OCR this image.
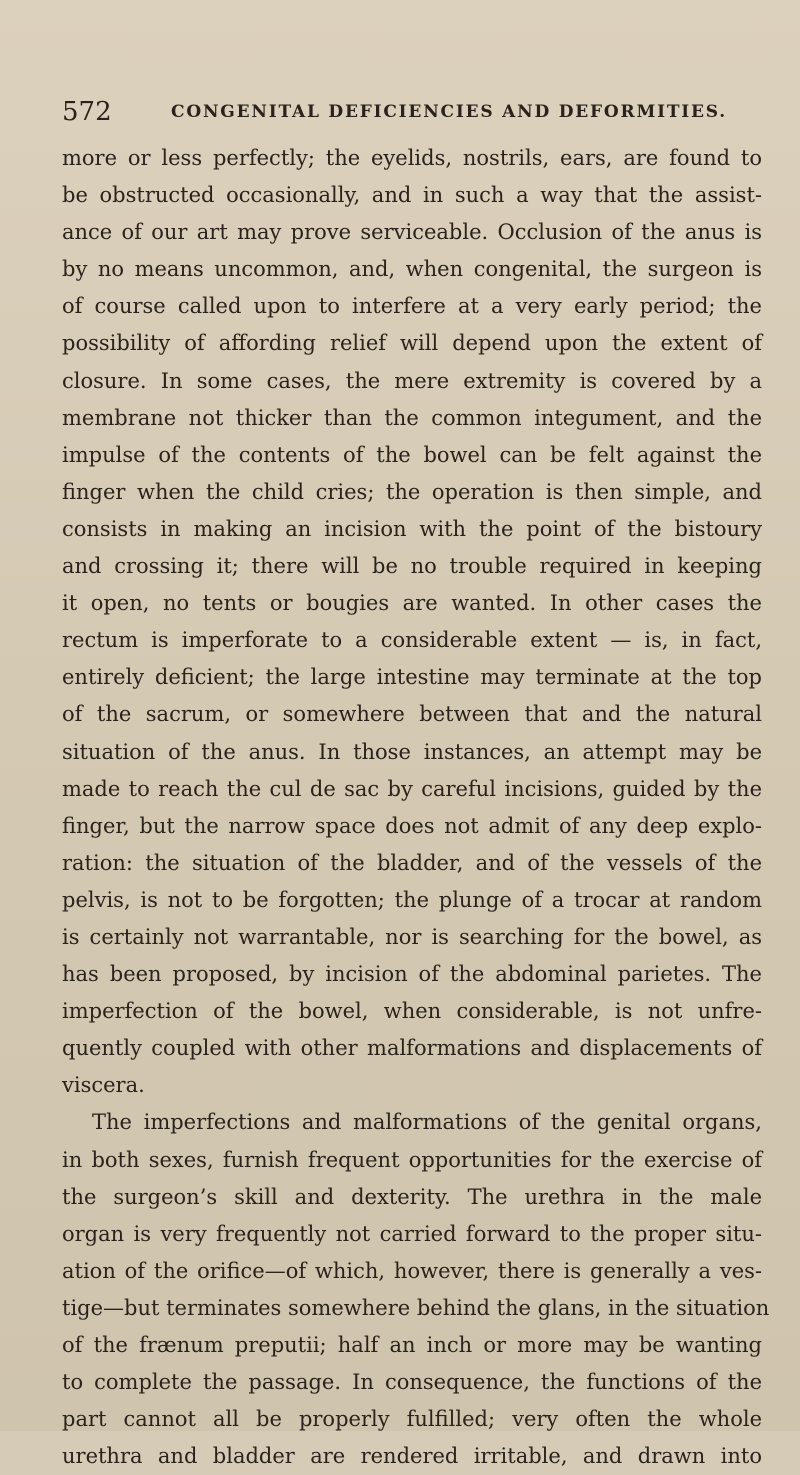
572	CONGENITAL DEFICIENCIES AND DEFORMITIES.
more or less perfectly; the eyelids, nostrils, ears, are found to
be obstructed occasionally, and in such a way that the assist-
ance of our art may prove serviceable. Occlusion of the anus is
by no means uncommon, and, when congenital, the surgeon is
of course called upon to interfere at a very early period; the
possibility of affording relief will depend upon the extent of
closure. In some cases, the mere extremity is covered by a
membrane not thicker than the common integument, and the
impulse of the contents of the bowel can be felt against the
finger when the child cries; the operation is then simple, and
consists in making an incision with the point of the bistoury
and crossing it; there will be no trouble required in keeping
it open, no tents or bougies are wanted. In other cases the
rectum is imperforate to a considerable extent — is, in fact,
entirely deficient; the large intestine may terminate at the top
of the sacrum, or somewhere between that and the natural
situation of the anus. In those instances, an attempt may be
made to reach the cul de sac by careful incisions, guided by the
finger, but the narrow space does not admit of any deep explo-
ration: the situation of the bladder, and of the vessels of the
pelvis, is not to be forgotten; the plunge of a trocar at random
is certainly not warrantable, nor is searching for the bowel, as
has been proposed, by incision of the abdominal parietes. The
imperfection of the bowel, when considerable, is not unfre-
quently coupled with other malformations and displacements of
viscera.
The imperfections and malformations of the genital organs,
in both sexes, furnish frequent opportunities for the exercise of
the surgeon’s skill and dexterity. The urethra in the male
organ is very frequently not carried forward to the proper situ-
ation of the orifice—of which, however, there is generally a ves-
tige—but terminates somewhere behind the glans, in the situation
of the frænum preputii; half an inch or more may be wanting
to complete the passage. In consequence, the functions of the
part cannot all be properly fulfilled; very often the whole
urethra and bladder are rendered irritable, and drawn into
